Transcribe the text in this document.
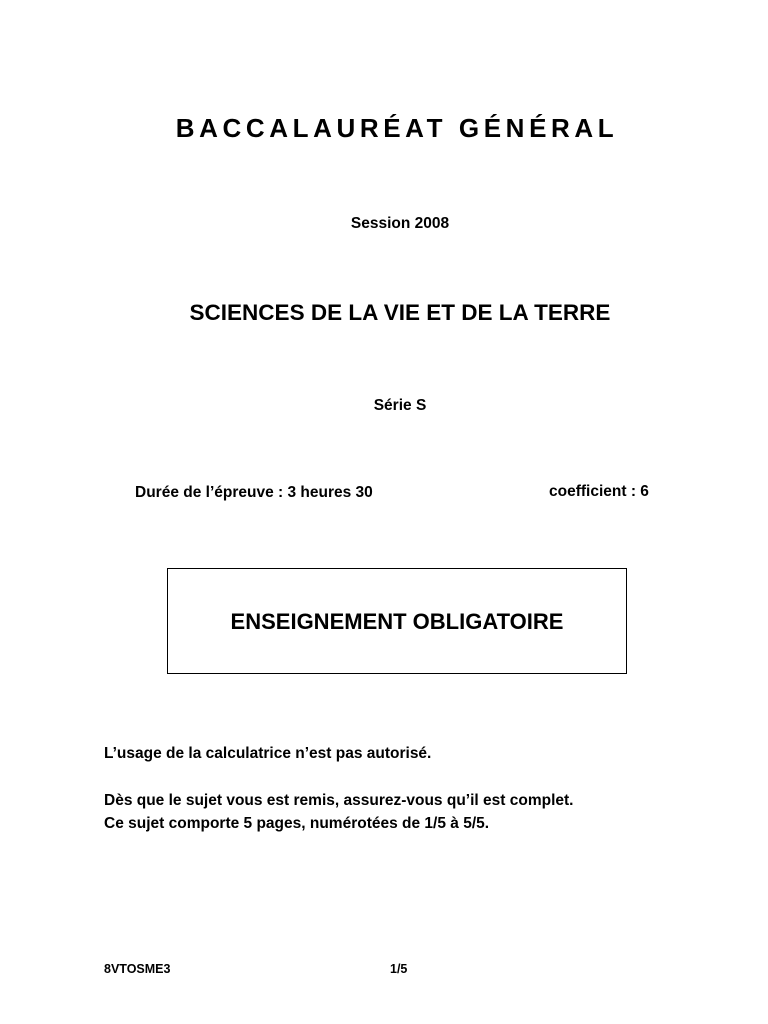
BACCALAURÉAT GÉNÉRAL
Session 2008
SCIENCES DE LA VIE ET DE LA TERRE
Série S
Durée de l’épreuve : 3 heures 30	coefficient : 6
ENSEIGNEMENT OBLIGATOIRE
L’usage de la calculatrice n’est pas autorisé.
Dès que le sujet vous est remis, assurez-vous qu’il est complet.
Ce sujet comporte 5 pages, numérotées de 1/5 à 5/5.
8VTOSME3	1/5
